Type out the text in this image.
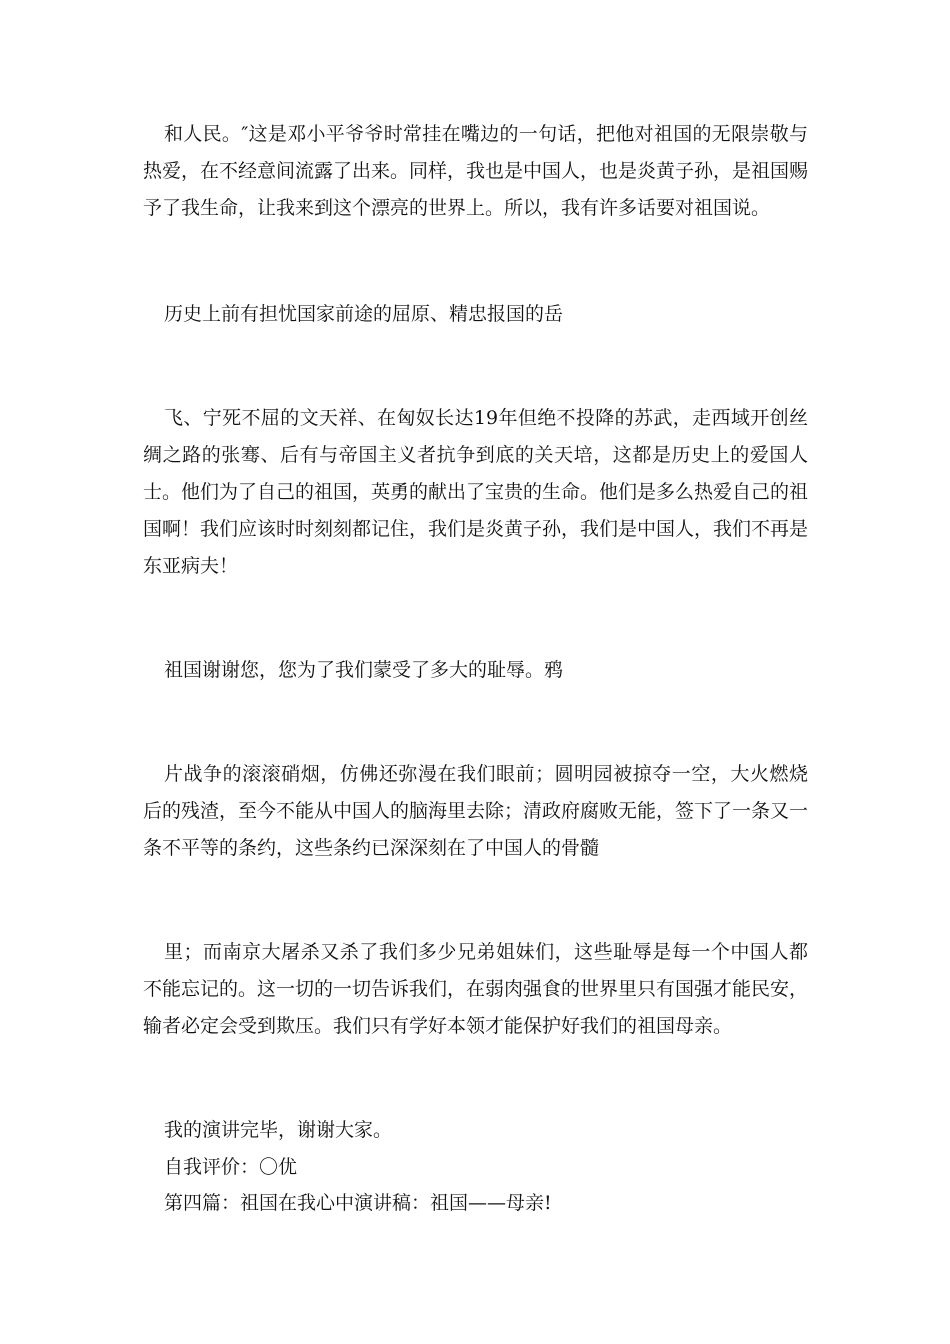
和人民。″这是邓小平爷爷时常挂在嘴边的一句话，把他对祖国的无限崇敬与热爱，在不经意间流露了出来。同样，我也是中国人，也是炎黄子孙，是祖国赐予了我生命，让我来到这个漂亮的世界上。所以，我有许多话要对祖国说。

历史上前有担忧国家前途的屈原、精忠报国的岳

飞、宁死不屈的文天祥、在匈奴长达19年但绝不投降的苏武，走西域开创丝绸之路的张骞、后有与帝国主义者抗争到底的关天培，这都是历史上的爱国人士。他们为了自己的祖国，英勇的献出了宝贵的生命。他们是多么热爱自己的祖国啊！我们应该时时刻刻都记住，我们是炎黄子孙，我们是中国人，我们不再是东亚病夫！

祖国谢谢您，您为了我们蒙受了多大的耻辱。鸦

片战争的滚滚硝烟，仿佛还弥漫在我们眼前；圆明园被掠夺一空，大火燃烧后的残渣，至今不能从中国人的脑海里去除；清政府腐败无能，签下了一条又一条不平等的条约，这些条约已深深刻在了中国人的骨髓

里；而南京大屠杀又杀了我们多少兄弟姐妹们，这些耻辱是每一个中国人都不能忘记的。这一切的一切告诉我们，在弱肉强食的世界里只有国强才能民安，输者必定会受到欺压。我们只有学好本领才能保护好我们的祖国母亲。

我的演讲完毕，谢谢大家。

自我评价：〇优

第四篇：祖国在我心中演讲稿：祖国——母亲!
